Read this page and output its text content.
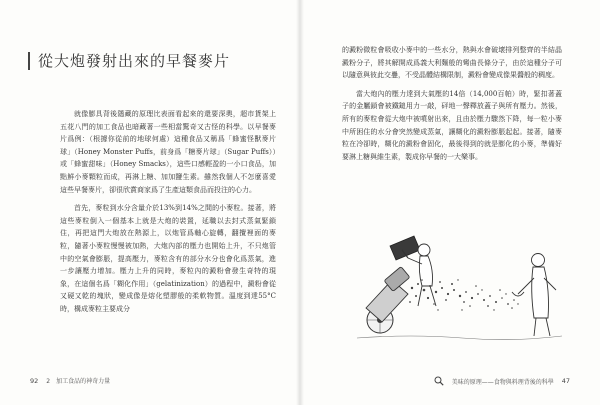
從大炮發射出來的早餐麥片

就像膨具背後隱藏的原理比表面看起來的還要深奧，超市貨架上五花八門的加工食品也暗藏著一些相當驚奇又古怪的科學。以早餐麥片爲例：（根據你從前的地球何處）這種食品又稱爲「蜂蜜怪獸麥片球」（Honey Monster Puffs，前身爲「糖麥片球」（Sugar Puffs））或「蜂蜜甜味」（Honey Smacks），這些口感輕盈的一小口食品，加點鮮小麥顆粒而成，再淋上糖、加加鹽生素。雖然我個人不怎麼喜愛這些早餐麥片，卻很欣賞商家爲了生產這類食品而投注的心力。

首先，麥粒到水分含量介於13%到14%之間的小麥粒。接著，將這些麥粒倒入一個基本上就是大炮的裝置，延職以去封式蒸氣緊鎖住，再把這門大炮放在熱源上，以炮管爲軸心旋轉，翻攪裡面的麥粒，隨著小麥粒慢慢被加熱，大炮內部的壓力也開始上升，不只炮管中的空氣會膨脹，提高壓力，麥粒含有的部分水分也會化爲蒸氣，進一步讓壓力增加。壓力上升的同時，麥粒內的澱粉會發生奇特的現象，在這個名爲「糊化作用」（gelatinization）的過程中，澱粉會從又硬又乾的塊狀，變成像是熔化塑膠般的柔軟物質。溫度到達55°C時，構成麥粒主要成分

92 2　加工食品的神奇力量

的澱粉微粒會吸收小麥中的一些水分，熱與水會破壞排列整齊的半結晶澱粉分子，將其解開成爲義大利麵般的彎曲長條分子，由於這種分子可以隨意與彼此交疊，不受晶體結構限制，澱粉會變成像果醬般的稠度。

當大炮內的壓力達到大氣壓的14倍（14,000百帕）時，緊扣著蓋子的金屬鎖會被鐵鎚用力一敲，砰地一聲釋放蓋子與所有壓力。然後，所有的麥粒會從大炮中被噴射出來，且由於壓力驟然下降，每一粒小麥中所困住的水分會突然變成蒸氣，讓糊化的澱粉膨脹起起。接著，隨麥粒在冷卻時，糊化的澱粉會固化，最後得到的就是膨化的小麥，準備好要淋上糖與維生素，製成你早餐的一大樂事。

美味的原理——食物與料理背後的科學 47
